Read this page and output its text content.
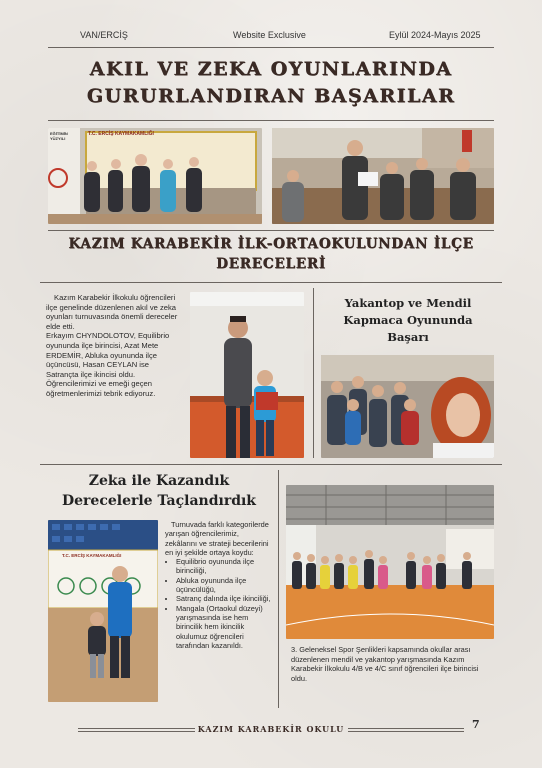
VAN/ERCİŞ	Website Exclusive	Eylül 2024-Mayıs 2025
AKIL VE ZEKA OYUNLARINDA
GURURLANDIRAN BAŞARILAR
T.C. ERCİŞ KAYMAKAMLIĞI
EĞİTİMİN YÜZYILI
KAZIM KARABEKİR İLK-ORTAOKULUNDAN İLÇE
DERECELERİ
Kazım Karabekir İlkokulu öğrencileri ilçe genelinde düzenlenen akıl ve zeka oyunları turnuvasında önemli dereceler elde etti.
Erkayım CHYNDOLOTOV, Equilibrio oyununda ilçe birincisi, Azat Mete ERDEMİR, Abluka oyununda ilçe üçüncüsü, Hasan CEYLAN ise Satrançta ilçe ikincisi oldu.
Öğrencilerimizi ve emeği geçen öğretmenlerimizi tebrik ediyoruz.
Yakantop ve Mendil
Kapmaca Oyununda
Başarı
Zeka ile Kazandık
Derecelerle Taçlandırdık
T.C. ERCİŞ KAYMAKAMLIĞI
Turnuvada farklı kategorilerde yarışan öğrencilerimiz, zekâlarını ve strateji becerilerini en iyi şekilde ortaya koydu:
• Equilibrio oyununda ilçe birinciliği,
• Abluka oyununda ilçe üçüncülüğü,
• Satranç dalında ilçe ikinciliği,
• Mangala (Ortaokul düzeyi) yarışmasında ise hem birincilik hem ikincilik okulumuz öğrencileri tarafından kazanıldı.	3. Geleneksel Spor Şenlikleri kapsamında okullar arası düzenlenen mendil ve yakantop yarışmasında Kazım Karabekir İlkokulu 4/B ve 4/C sınıf öğrencileri ilçe birincisi oldu.
KAZIM KARABEKİR OKULU	7
